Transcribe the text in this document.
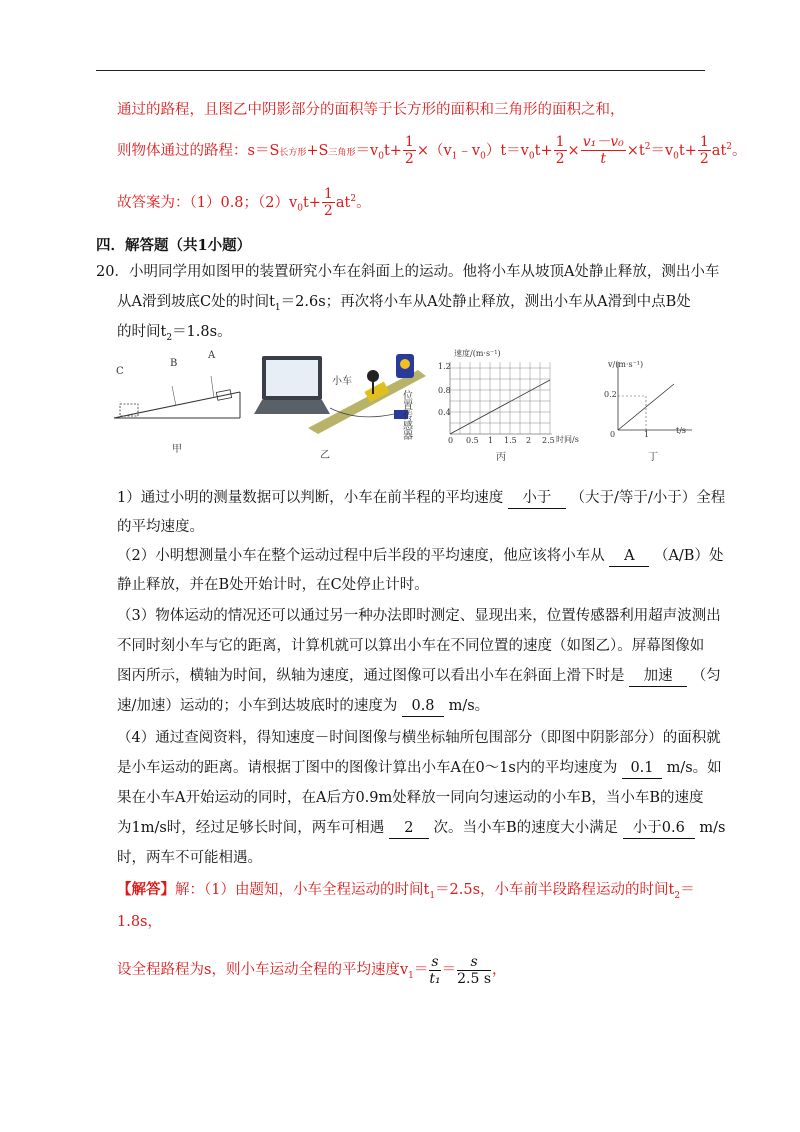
通过的路程，且图乙中阴影部分的面积等于长方形的面积和三角形的面积之和，
则物体通过的路程：s＝S长方形+S三角形$=v_0t+ \frac{1}{2}$ $\times(v_1﹣v_0)t=v_0t+ \frac{1}{2} \times \frac{\text{v₁－v₀}}{t} \times t^2=v_0t+ \frac{1}{2} at^2$。
故答案为：（1）0.8；$(2)v_0t+ \frac{1}{2} at^2$。
四．解答题（共1小题）
20．小明同学用如图甲的装置研究小车在斜面上的运动。他将小车从坡顶A处静止释放，测出小车
从A滑到坡底C处的时间$t_1=2.6s$；再次将小车从A处静止释放，测出小车从A滑到中点B处
的时间$t_2=1.8s$。
C
B
A
甲
小车
位置传感器
乙
速度/(m·s⁻¹)
1.2
0.8
0.4
0 0.5 1 1.5 2 2.5 时间/s
丙
v/(m·s⁻¹)
0.2
0	1	t/s
丁
1）通过小明的测量数据可以判断，小车在前半程的平均速度 小于 （大于/等于/小于）全程
的平均速度。
（2）小明想测量小车在整个运动过程中后半段的平均速度，他应该将小车从 A （A/B）处
静止释放，并在B处开始计时，在C处停止计时。
（3）物体运动的情况还可以通过另一种办法即时测定、显现出来，位置传感器利用超声波测出
不同时刻小车与它的距离，计算机就可以算出小车在不同位置的速度（如图乙）。屏幕图像如
图丙所示，横轴为时间，纵轴为速度，通过图像可以看出小车在斜面上滑下时是 加速 （匀
速/加速）运动的；小车到达坡底时的速度为 0.8 m/s。
（4）通过查阅资料，得知速度－时间图像与横坐标轴所包围部分（即图中阴影部分）的面积就
是小车运动的距离。请根据丁图中的图像计算出小车A在0～1s内的平均速度为 0.1 m/s。如
果在小车A开始运动的同时，在A后方0.9m处释放一同向匀速运动的小车B，当小车B的速度
为1m/s时，经过足够长时间，两车可相遇 2 次。当小车B的速度大小满足 小于0.6 m/s
时，两车不可能相遇。
【解答】解：（1）由题知，小车全程运动的时间$t_1=2.5s$，小车前半段路程运动的时间$t_2=$
1.8s，
设全程路程为s，则小车运动全程的平均速度$v_1= \frac{s}{\text{t₁}} = \frac{s}{2.5 s}$ ，
